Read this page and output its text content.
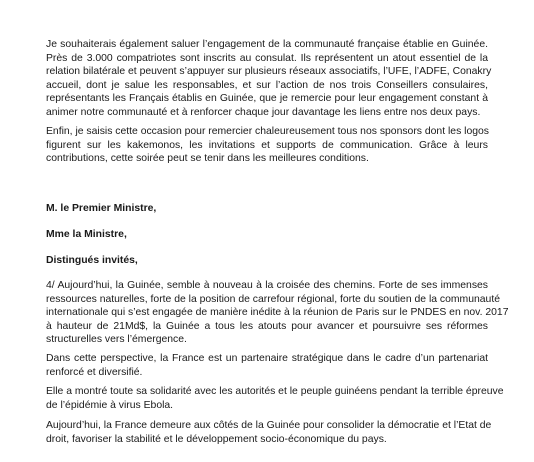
Je souhaiterais également saluer l’engagement de la communauté française établie en Guinée.
Près de 3.000 compatriotes sont inscrits au consulat. Ils représentent un atout essentiel de la
relation bilatérale et peuvent s’appuyer sur plusieurs réseaux associatifs, l’UFE, l’ADFE, Conakry
accueil, dont je salue les responsables, et sur l’action de nos trois Conseillers consulaires,
représentants les Français établis en Guinée, que je remercie pour leur engagement constant à
animer notre communauté et à renforcer chaque jour davantage les liens entre nos deux pays.
Enfin, je saisis cette occasion pour remercier chaleureusement tous nos sponsors dont les logos
figurent sur les kakemonos, les invitations et supports de communication. Grâce à leurs
contributions, cette soirée peut se tenir dans les meilleures conditions.

M. le Premier Ministre,

Mme la Ministre,

Distingués invités,

4/ Aujourd’hui, la Guinée, semble à nouveau à la croisée des chemins. Forte de ses immenses
ressources naturelles, forte de la position de carrefour régional, forte du soutien de la communauté
internationale qui s’est engagée de manière inédite à la réunion de Paris sur le PNDES en nov. 2017
à hauteur de 21Md$, la Guinée a tous les atouts pour avancer et poursuivre ses réformes
structurelles vers l’émergence.
Dans cette perspective, la France est un partenaire stratégique dans le cadre d’un partenariat
renforcé et diversifié.
Elle a montré toute sa solidarité avec les autorités et le peuple guinéens pendant la terrible épreuve
de l’épidémie à virus Ebola.
Aujourd’hui, la France demeure aux côtés de la Guinée pour consolider la démocratie et l’Etat de
droit, favoriser la stabilité et le développement socio-économique du pays.
